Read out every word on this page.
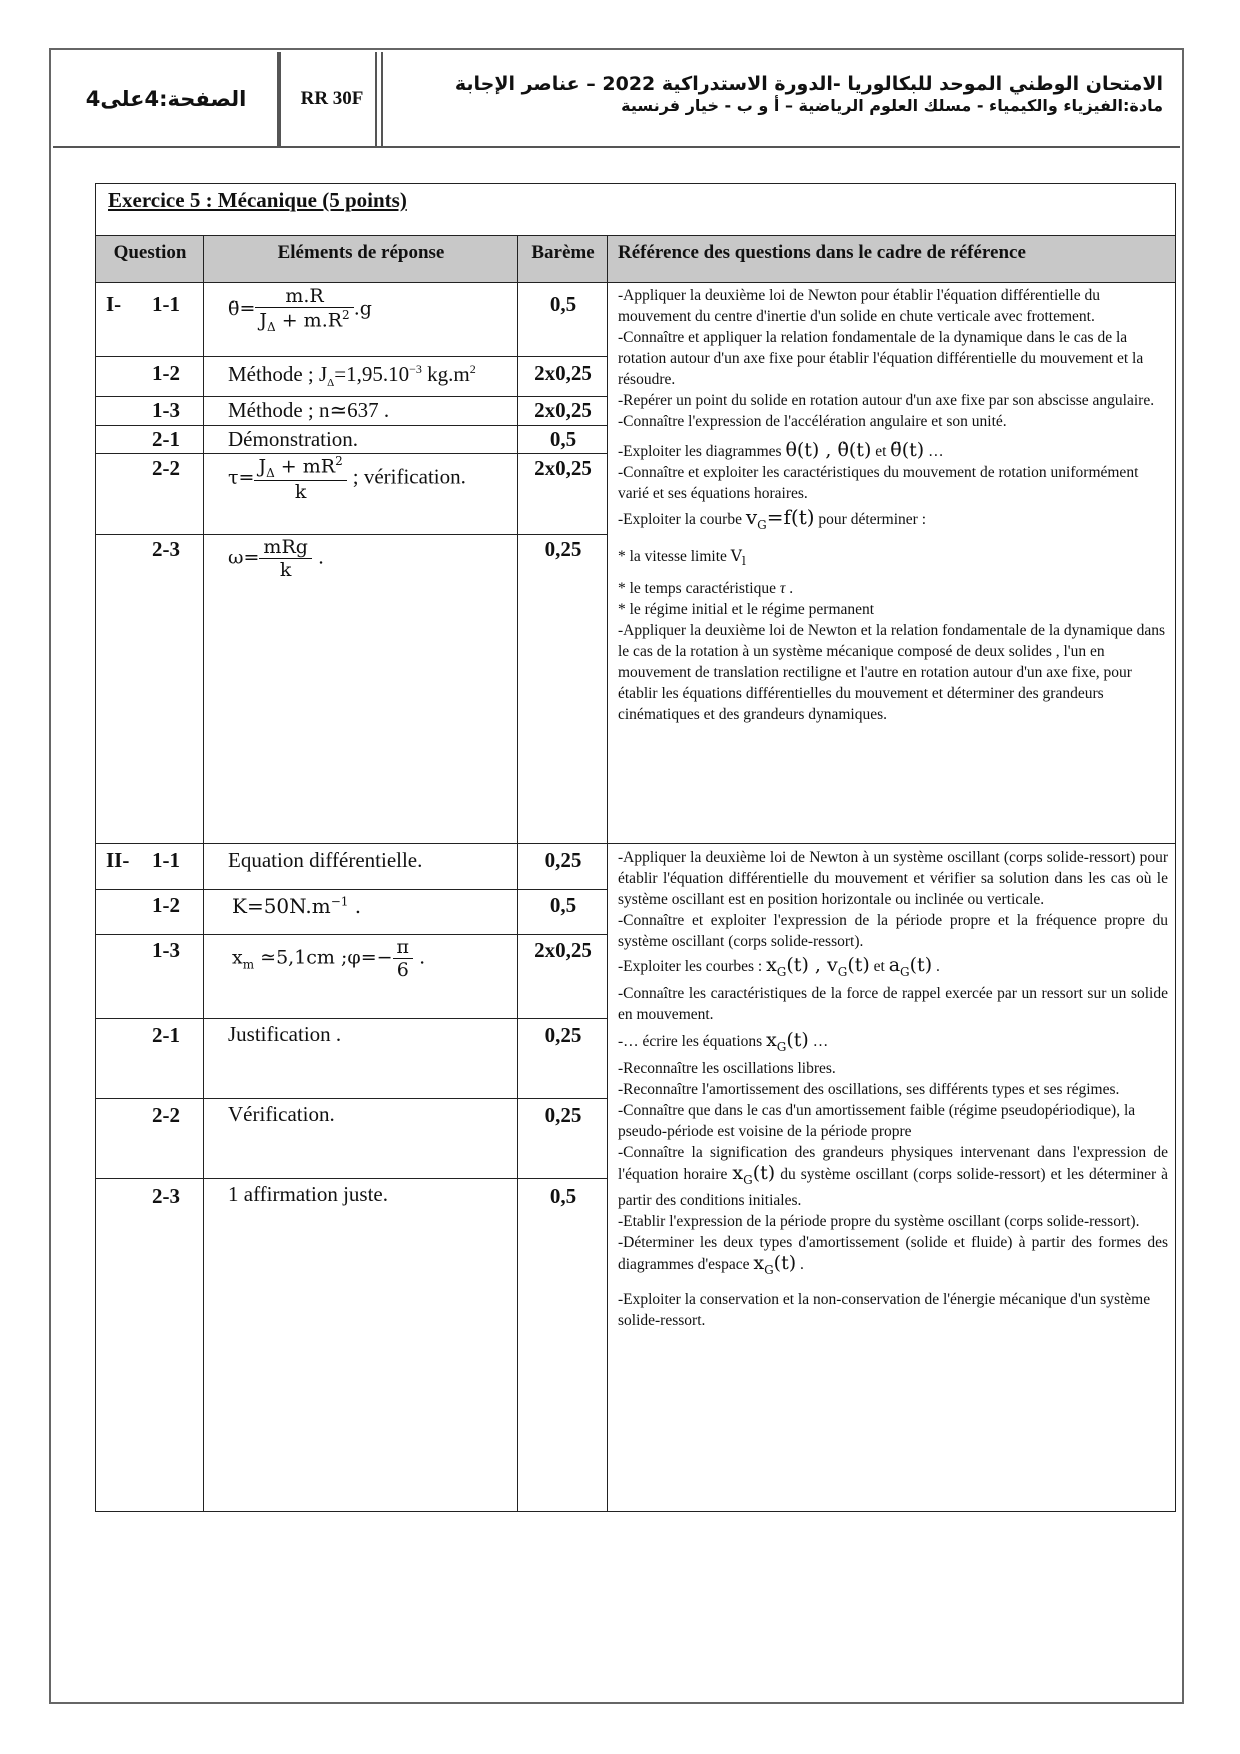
الصفحة:4على4	RR 30F
الامتحان الوطني الموحد للبكالوريا -الدورة الاستدراكية 2022 – عناصر الإجابة
مادة:الفيزياء والكيمياء - مسلك العلوم الرياضية – أ و ب - خيار فرنسية
Exercice 5 : Mécanique (5 points)
Question	Eléments de réponse	Barème	Référence des questions dans le cadre de référence
I-	1-1	θ̈= $\frac{m.R}{J_\Delta + m.R^2} .g$	0,5
1-2	Méthode ; $J_\Delta=1,95.10^{-3}$ $kg.m^2$	2x0,25
1-3	Méthode ; n≃637 .	2x0,25
2-1	Démonstration.	0,5
2-2	$\tau= \frac{J_\Delta + mR^2}{k}$ ; vérification.	2x0,25
2-3	$\omega= \frac{\text{mRg}}{k}$ .	0,25

-Appliquer la deuxième loi de Newton pour établir l'équation différentielle du mouvement du centre d'inertie d'un solide en chute verticale avec frottement.

-Connaître et appliquer la relation fondamentale de la dynamique dans le cas de la rotation autour d'un axe fixe pour établir l'équation différentielle du mouvement et la résoudre.

-Repérer un point du solide en rotation autour d'un axe fixe par son abscisse angulaire.

-Connaître l'expression de l'accélération angulaire et son unité.

-Exploiter les diagrammes θ(t) , θ̇(t) et θ̈(t) …

-Connaître et exploiter les caractéristiques du mouvement de rotation uniformément varié et ses équations horaires.

-Exploiter la courbe $v_G=f(t)$ pour déterminer :

* la vitesse limite $V_l$

* le temps caractéristique τ .

* le régime initial et le régime permanent

-Appliquer la deuxième loi de Newton et la relation fondamentale de la dynamique dans le cas de la rotation à un système mécanique composé de deux solides , l'un en mouvement de translation rectiligne et l'autre en rotation autour d'un axe fixe, pour établir les équations différentielles du mouvement et déterminer des grandeurs cinématiques et des grandeurs dynamiques.

II-	1-1	Equation différentielle.	0,25
1-2	$K=50N.m^{-1}$ .	0,5
1-3	$x_m$ ≃5,1cm ;φ=− $\frac{\pi}{6}$ .	2x0,25
2-1	Justification .	0,25
2-2	Vérification.	0,25
2-3	1 affirmation juste.	0,5

-Appliquer la deuxième loi de Newton à un système oscillant (corps solide-ressort) pour établir l'équation différentielle du mouvement et vérifier sa solution dans les cas où le système oscillant est en position horizontale ou inclinée ou verticale.

-Connaître et exploiter l'expression de la période propre et la fréquence propre du système oscillant (corps solide-ressort).

-Exploiter les courbes : $x_G(t)$ , $v_G(t)$ et $a_G(t)$ .

-Connaître les caractéristiques de la force de rappel exercée par un ressort sur un solide en mouvement.

-… écrire les équations $x_G(t)$ …

-Reconnaître les oscillations libres.

-Reconnaître l'amortissement des oscillations, ses différents types et ses régimes.

-Connaître que dans le cas d'un amortissement faible (régime pseudopériodique), la pseudo-période est voisine de la période propre

-Connaître la signification des grandeurs physiques intervenant dans l'expression de l'équation horaire $x_G(t)$ du système oscillant (corps solide-ressort) et les déterminer à partir des conditions initiales.

-Etablir l'expression de la période propre du système oscillant (corps solide-ressort).

-Déterminer les deux types d'amortissement (solide et fluide) à partir des formes des diagrammes d'espace $x_G(t)$ .

-Exploiter la conservation et la non-conservation de l'énergie mécanique d'un système solide-ressort.
